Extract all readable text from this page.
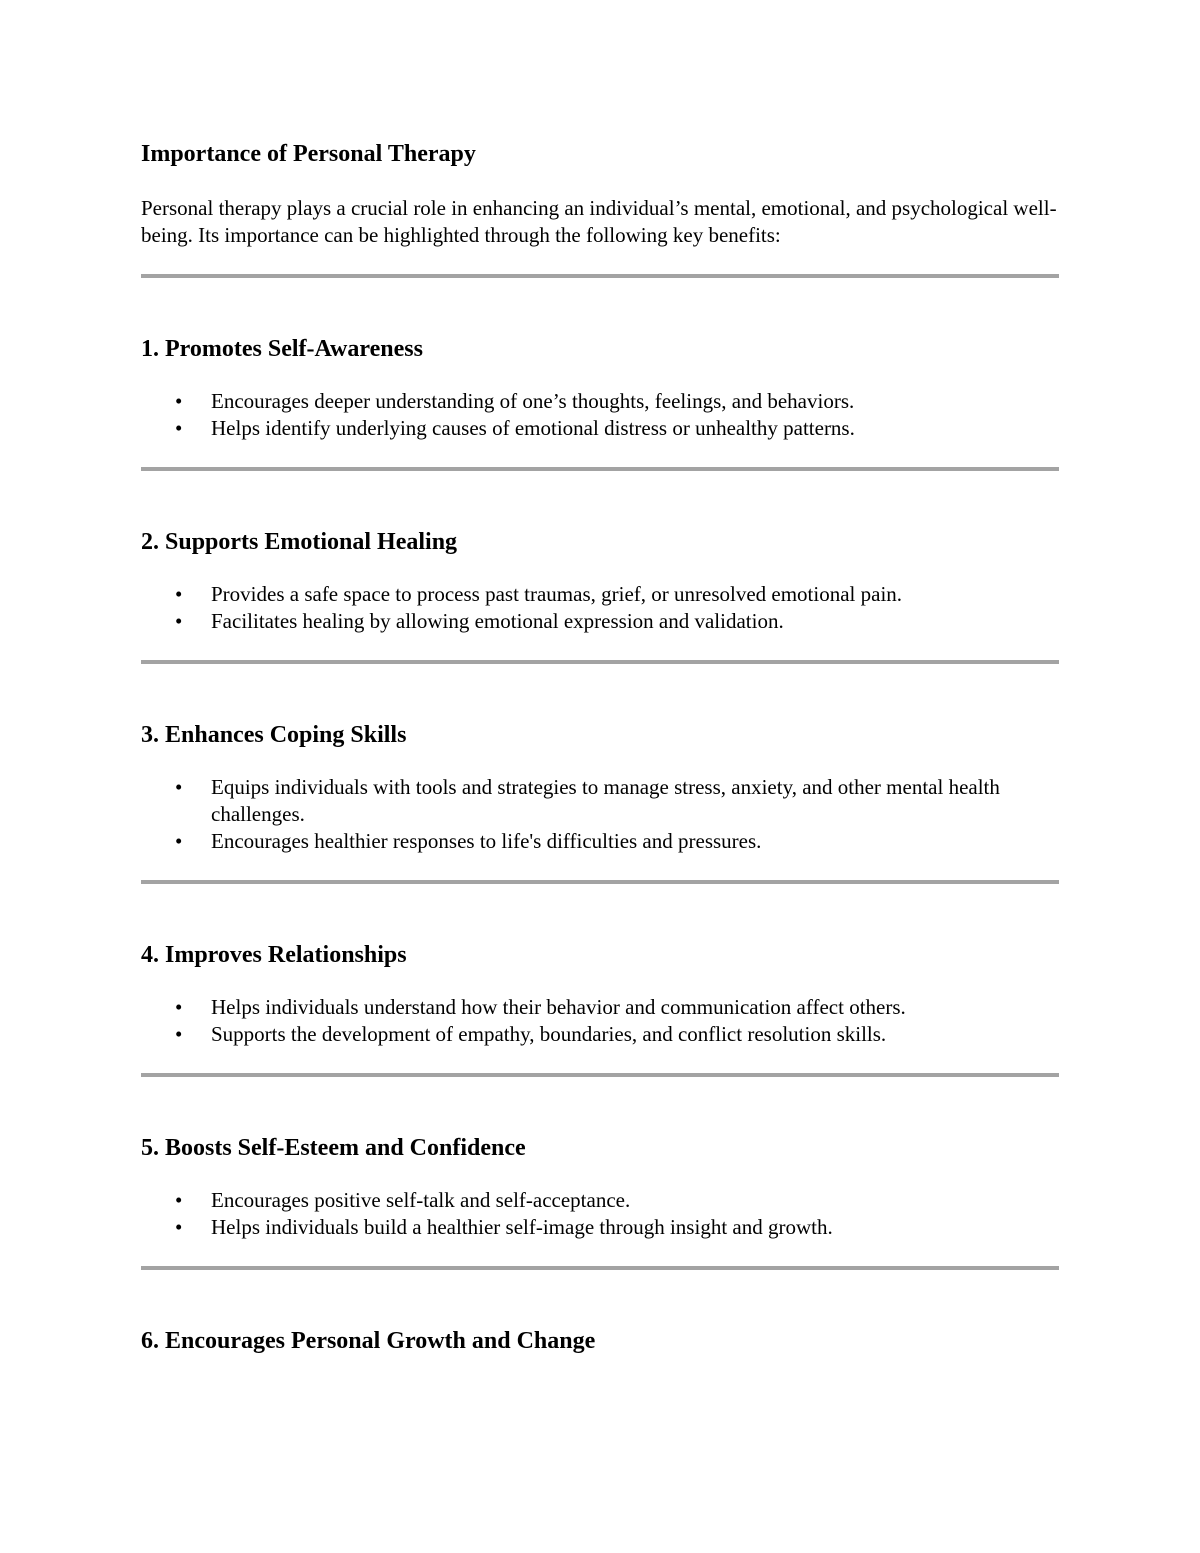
Importance of Personal Therapy

Personal therapy plays a crucial role in enhancing an individual’s mental, emotional, and psychological well-being. Its importance can be highlighted through the following key benefits:

1. Promotes Self-Awareness
• Encourages deeper understanding of one’s thoughts, feelings, and behaviors.
• Helps identify underlying causes of emotional distress or unhealthy patterns.
2. Supports Emotional Healing
• Provides a safe space to process past traumas, grief, or unresolved emotional pain.
• Facilitates healing by allowing emotional expression and validation.
3. Enhances Coping Skills
• Equips individuals with tools and strategies to manage stress, anxiety, and other mental health challenges.
• Encourages healthier responses to life's difficulties and pressures.
4. Improves Relationships
• Helps individuals understand how their behavior and communication affect others.
• Supports the development of empathy, boundaries, and conflict resolution skills.
5. Boosts Self-Esteem and Confidence
• Encourages positive self-talk and self-acceptance.
• Helps individuals build a healthier self-image through insight and growth.
6. Encourages Personal Growth and Change
